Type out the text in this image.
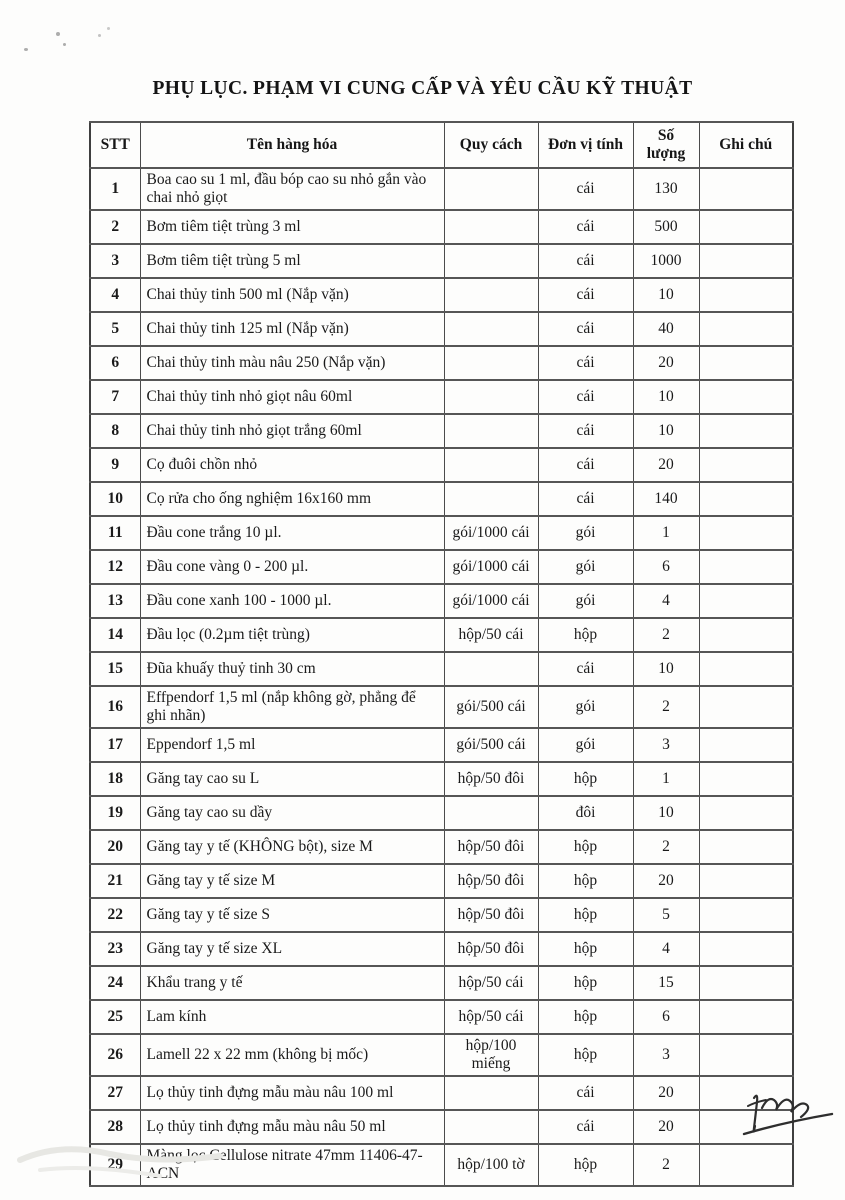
PHỤ LỤC. PHẠM VI CUNG CẤP VÀ YÊU CẦU KỸ THUẬT
STT	Tên hàng hóa	Quy cách	Đơn vị tính	Số lượng	Ghi chú
1	Boa cao su 1 ml, đầu bóp cao su nhỏ gắn vào chai nhỏ giọt		cái	130	
2	Bơm tiêm tiệt trùng 3 ml		cái	500	
3	Bơm tiêm tiệt trùng 5 ml		cái	1000	
4	Chai thủy tinh 500 ml (Nắp vặn)		cái	10	
5	Chai thủy tinh 125 ml (Nắp vặn)		cái	40	
6	Chai thủy tinh màu nâu 250 (Nắp vặn)		cái	20	
7	Chai thủy tinh nhỏ giọt nâu 60ml		cái	10	
8	Chai thủy tinh nhỏ giọt trắng 60ml		cái	10	
9	Cọ đuôi chồn nhỏ		cái	20	
10	Cọ rửa cho ống nghiệm 16x160 mm		cái	140	
11	Đầu cone trắng 10 µl.	gói/1000 cái	gói	1	
12	Đầu cone vàng 0 - 200 µl.	gói/1000 cái	gói	6	
13	Đầu cone xanh 100 - 1000 µl.	gói/1000 cái	gói	4	
14	Đầu lọc (0.2µm tiệt trùng)	hộp/50 cái	hộp	2	
15	Đũa khuấy thuỷ tinh 30 cm		cái	10	
16	Effpendorf 1,5 ml (nắp không gờ, phẳng để ghi nhãn)	gói/500 cái	gói	2	
17	Eppendorf 1,5 ml	gói/500 cái	gói	3	
18	Găng tay cao su L	hộp/50 đôi	hộp	1	
19	Găng tay cao su dầy		đôi	10	
20	Găng tay y tế (KHÔNG bột), size M	hộp/50 đôi	hộp	2	
21	Găng tay y tế size M	hộp/50 đôi	hộp	20	
22	Găng tay y tế size S	hộp/50 đôi	hộp	5	
23	Găng tay y tế size XL	hộp/50 đôi	hộp	4	
24	Khẩu trang y tế	hộp/50 cái	hộp	15	
25	Lam kính	hộp/50 cái	hộp	6	
26	Lamell 22 x 22 mm (không bị mốc)	hộp/100 miếng	hộp	3	
27	Lọ thủy tinh đựng mẫu màu nâu 100 ml		cái	20	
28	Lọ thủy tinh đựng mẫu màu nâu 50 ml		cái	20	
29	Màng lọc Cellulose nitrate 47mm 11406-47-ACN	hộp/100 tờ	hộp	2	
